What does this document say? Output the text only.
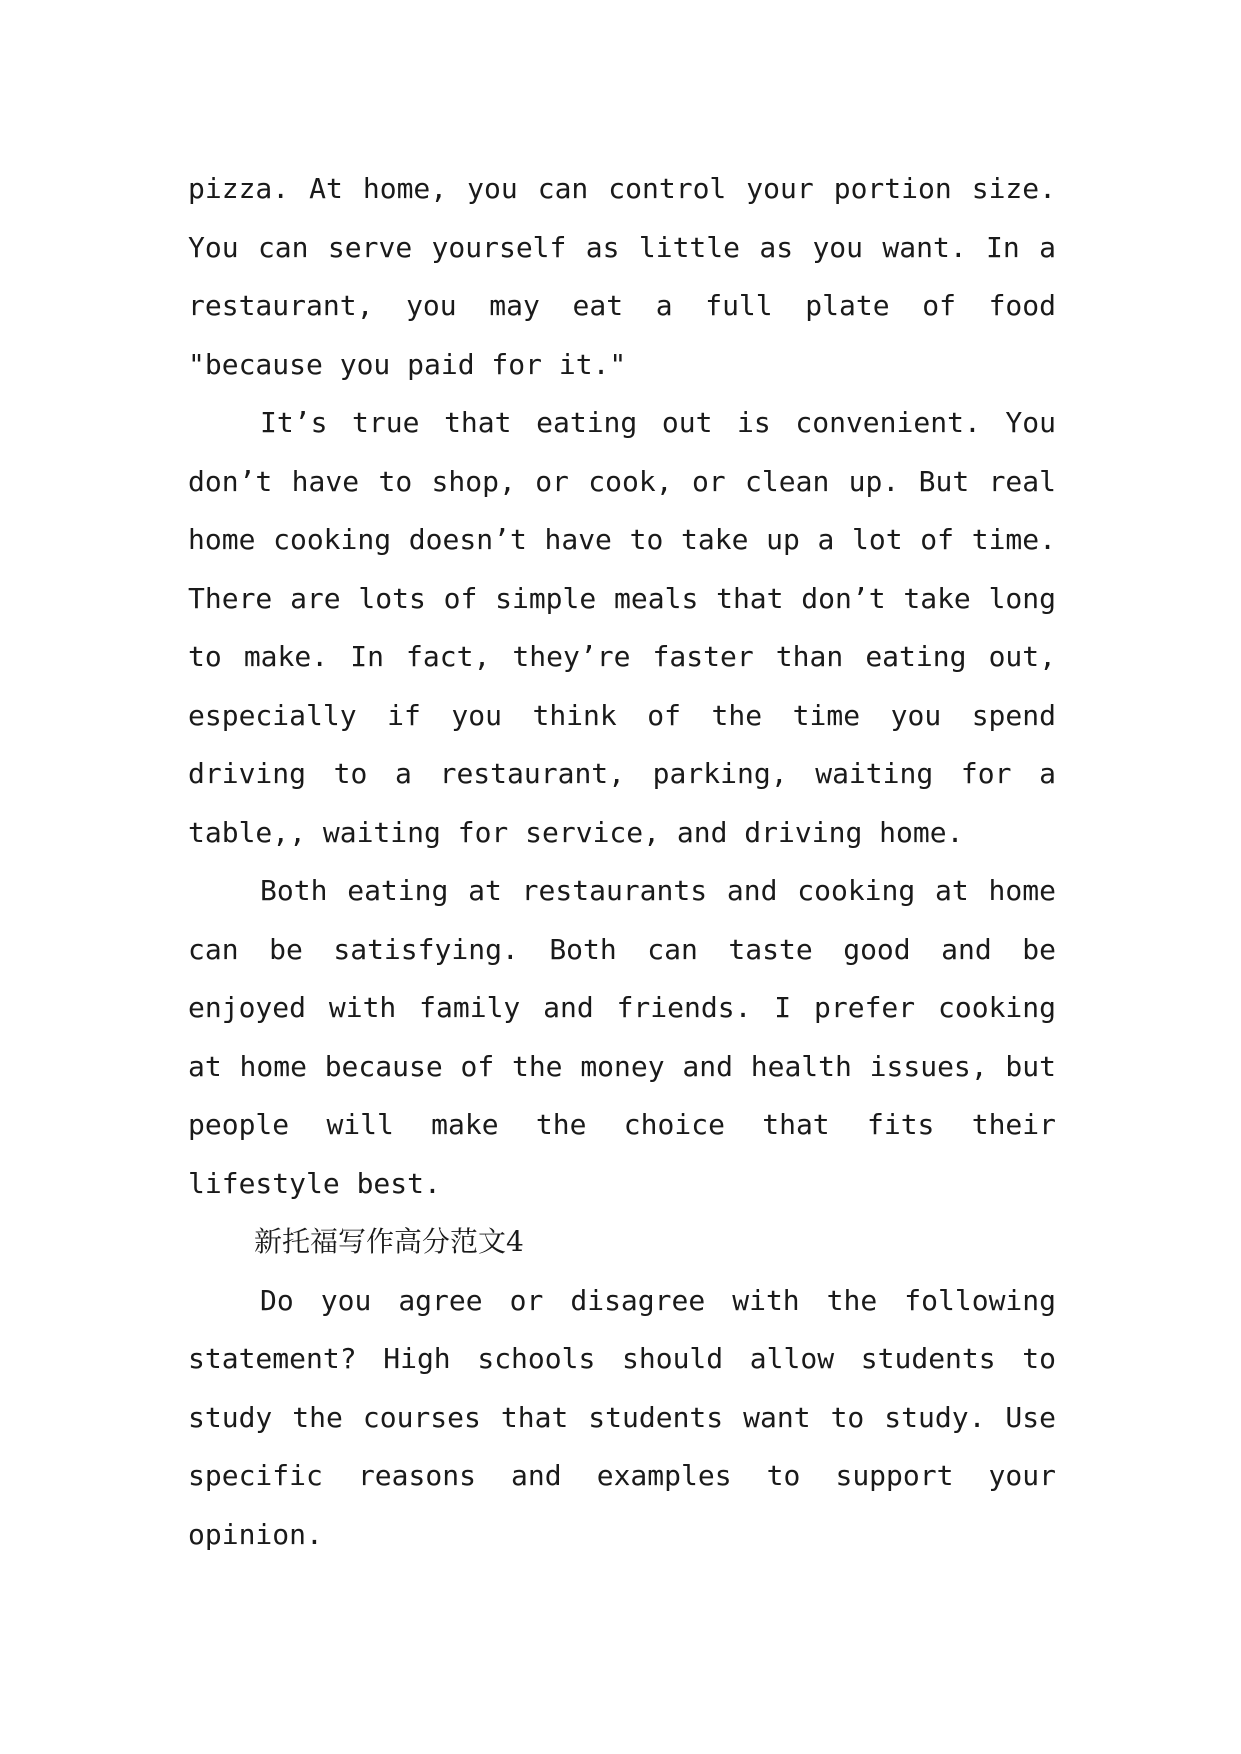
pizza. At home, you can control your portion size. You can serve yourself as little as you want. In a restaurant, you may eat a full plate of food "because you paid for it."

It’s true that eating out is convenient. You don’t have to shop, or cook, or clean up. But real home cooking doesn’t have to take up a lot of time. There are lots of simple meals that don’t take long to make. In fact, they’re faster than eating out, especially if you think of the time you spend driving to a restaurant, parking, waiting for a table,, waiting for service, and driving home.

Both eating at restaurants and cooking at home can be satisfying. Both can taste good and be enjoyed with family and friends. I prefer cooking at home because of the money and health issues, but people will make the choice that fits their lifestyle best.

新托福写作高分范文4

Do you agree or disagree with the following statement? High schools should allow students to study the courses that students want to study. Use specific reasons and examples to support your opinion.
